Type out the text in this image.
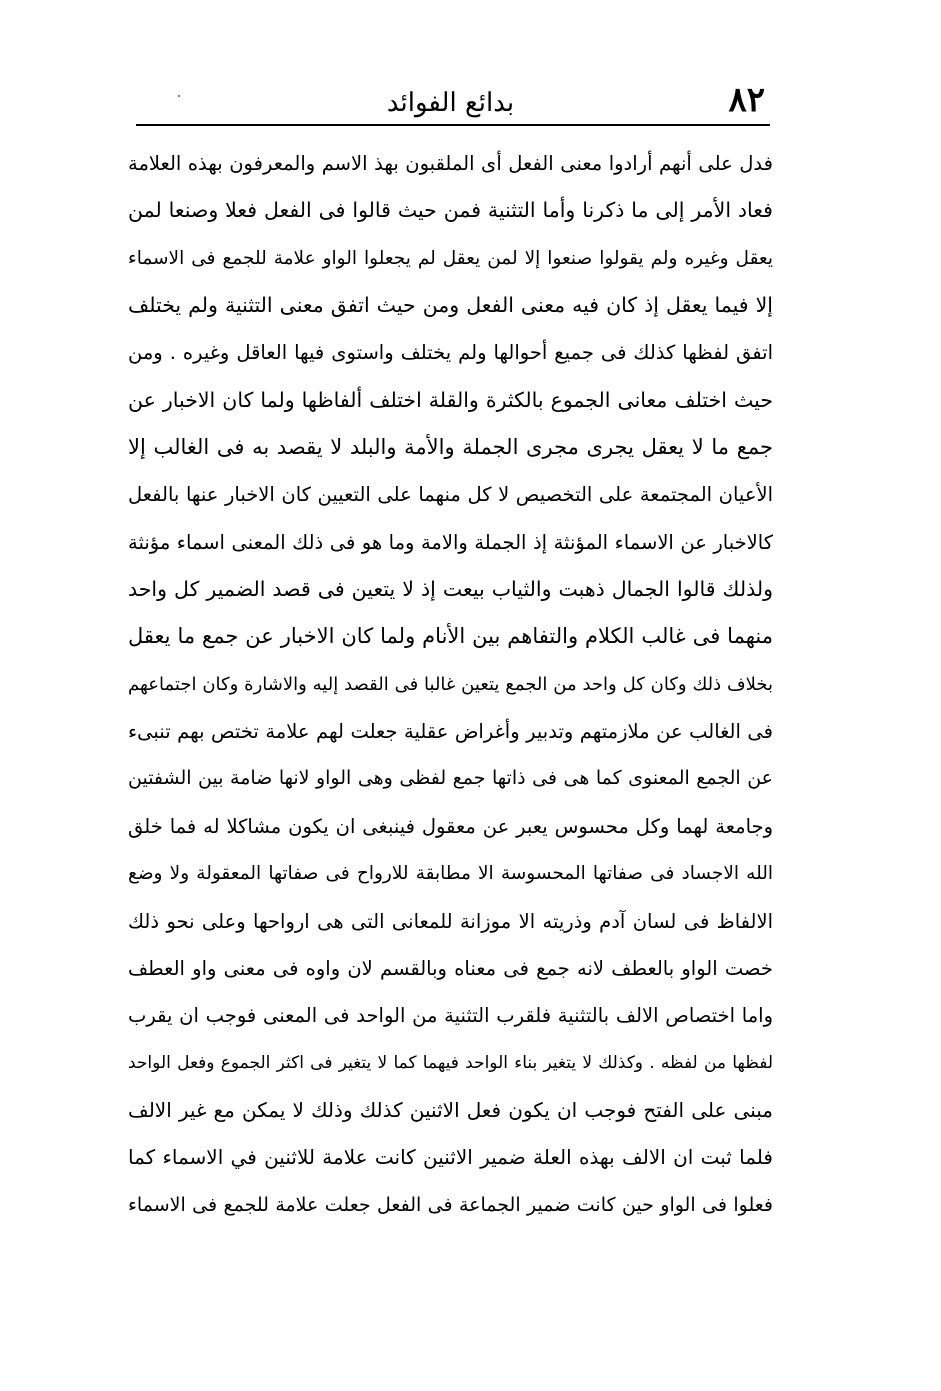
٨٢
بدائع الفوائد
فدل على أنهم أرادوا معنى الفعل أى الملقبون بهذ الاسم والمعرفون بهذه العلامة
فعاد الأمر إلى ما ذكرنا وأما التثنية فمن حيث قالوا فى الفعل فعلا وصنعا لمن
يعقل وغيره ولم يقولوا صنعوا إلا لمن يعقل لم يجعلوا الواو علامة للجمع فى الاسماء
إلا فيما يعقل إذ كان فيه معنى الفعل ومن حيث اتفق معنى التثنية ولم يختلف
اتفق لفظها كذلك فى جميع أحوالها ولم يختلف واستوى فيها العاقل وغيره . ومن
حيث اختلف معانى الجموع بالكثرة والقلة اختلف ألفاظها ولما كان الاخبار عن
جمع ما لا يعقل يجرى مجرى الجملة والأمة والبلد لا يقصد به فى الغالب إلا
الأعيان المجتمعة على التخصيص لا كل منهما على التعيين كان الاخبار عنها بالفعل
كالاخبار عن الاسماء المؤنثة إذ الجملة والامة وما هو فى ذلك المعنى اسماء مؤنثة
ولذلك قالوا الجمال ذهبت والثياب بيعت إذ لا يتعين فى قصد الضمير كل واحد
منهما فى غالب الكلام والتفاهم بين الأنام ولما كان الاخبار عن جمع ما يعقل
بخلاف ذلك وكان كل واحد من الجمع يتعين غالبا فى القصد إليه والاشارة وكان اجتماعهم
فى الغالب عن ملازمتهم وتدبير وأغراض عقلية جعلت لهم علامة تختص بهم تنبىء
عن الجمع المعنوى كما هى فى ذاتها جمع لفظى وهى الواو لانها ضامة بين الشفتين
وجامعة لهما وكل محسوس يعبر عن معقول فينبغى ان يكون مشاكلا له فما خلق
الله الاجساد فى صفاتها المحسوسة الا مطابقة للارواح فى صفاتها المعقولة ولا وضع
الالفاظ فى لسان آدم وذريته الا موزانة للمعانى التى هى ارواحها وعلى نحو ذلك
خصت الواو بالعطف لانه جمع فى معناه وبالقسم لان واوه فى معنى واو العطف
واما اختصاص الالف بالتثنية فلقرب التثنية من الواحد فى المعنى فوجب ان يقرب
لفظها من لفظه . وكذلك لا يتغير بناء الواحد فيهما كما لا يتغير فى اكثر الجموع وفعل الواحد
مبنى على الفتح فوجب ان يكون فعل الاثنين كذلك وذلك لا يمكن مع غير الالف
فلما ثبت ان الالف بهذه العلة ضمير الاثنين كانت علامة للاثنين في الاسماء كما
فعلوا فى الواو حين كانت ضمير الجماعة فى الفعل جعلت علامة للجمع فى الاسماء
